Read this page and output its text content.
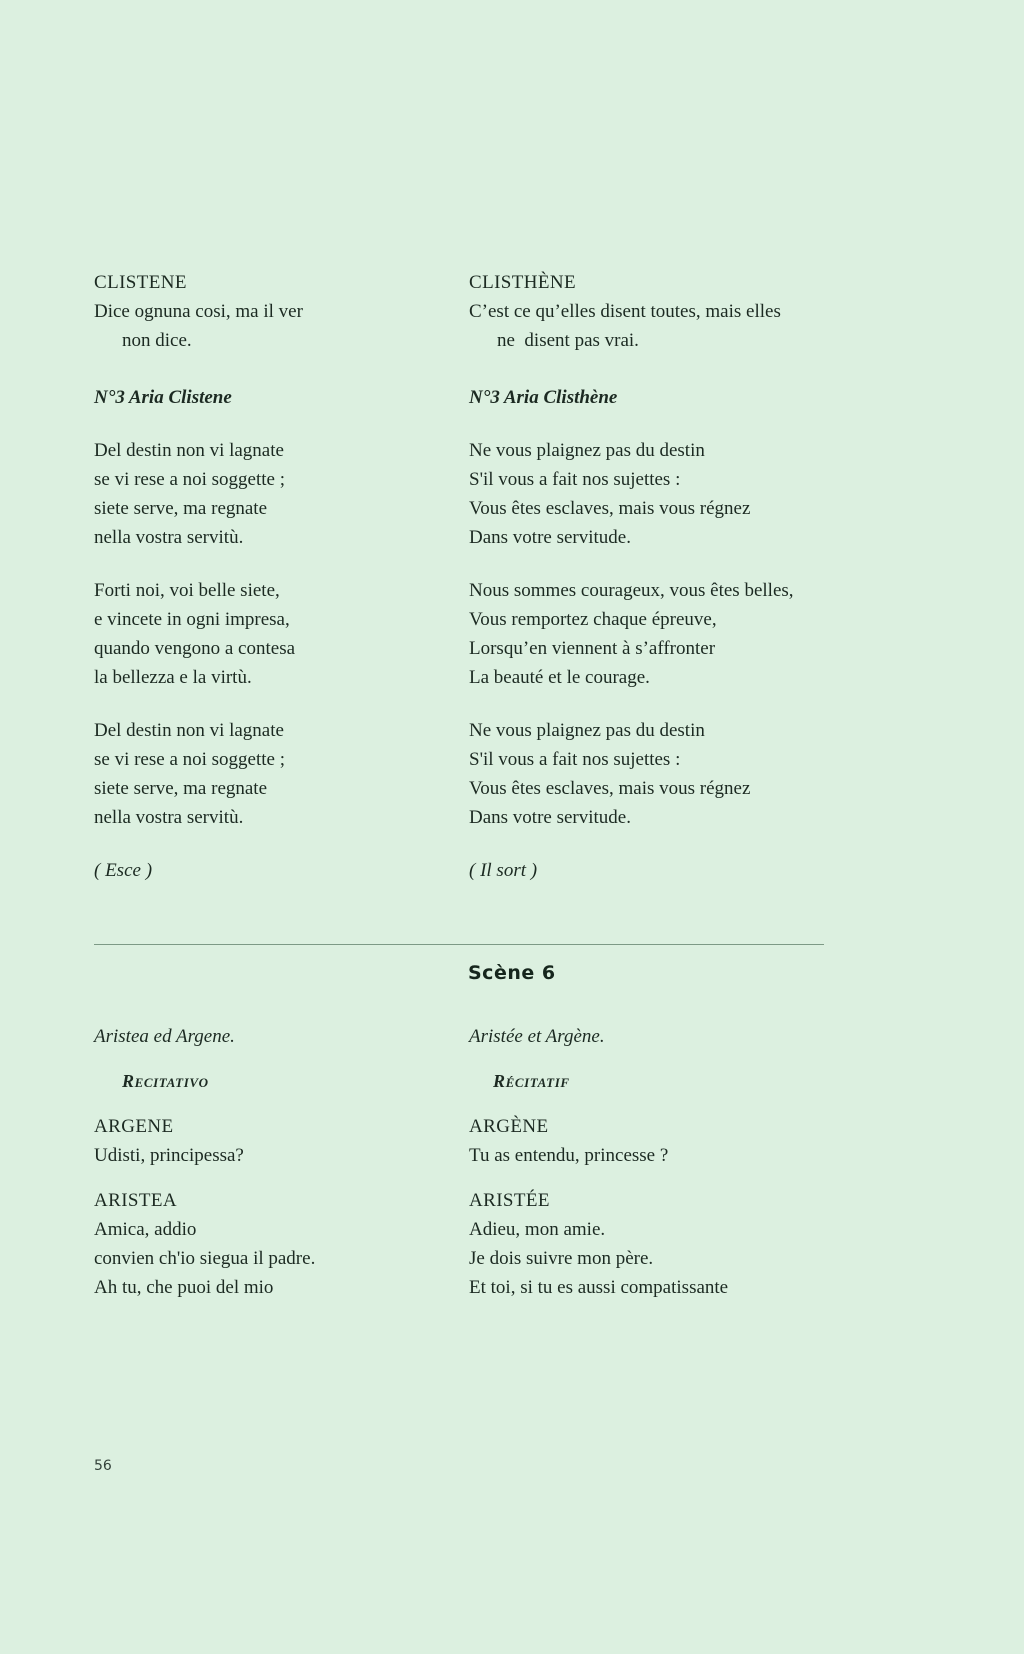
CLISTENE
Dice ognuna cosi, ma il ver
non dice.
N°3 Aria Clistene
Del destin non vi lagnate
se vi rese a noi soggette ;
siete serve, ma regnate
nella vostra servitù.
Forti noi, voi belle siete,
e vincete in ogni impresa,
quando vengono a contesa
la bellezza e la virtù.
Del destin non vi lagnate
se vi rese a noi soggette ;
siete serve, ma regnate
nella vostra servitù.
( Esce )
CLISTHÈNE
C’est ce qu’elles disent toutes, mais elles
ne  disent pas vrai.
N°3 Aria Clisthène
Ne vous plaignez pas du destin
S'il vous a fait nos sujettes :
Vous êtes esclaves, mais vous régnez
Dans votre servitude.
Nous sommes courageux, vous êtes belles,
Vous remportez chaque épreuve,
Lorsqu’en viennent à s’affronter
La beauté et le courage.
Ne vous plaignez pas du destin
S'il vous a fait nos sujettes :
Vous êtes esclaves, mais vous régnez
Dans votre servitude.
( Il sort )
Scène 6
Aristea ed Argene.
Recitativo
ARGENE
Udisti, principessa?
ARISTEA
Amica, addio
convien ch'io siegua il padre.
Ah tu, che puoi del mio
Aristée et Argène.
Récitatif
ARGÈNE
Tu as entendu, princesse ?
ARISTÉE
Adieu, mon amie.
Je dois suivre mon père.
Et toi, si tu es aussi compatissante
56
